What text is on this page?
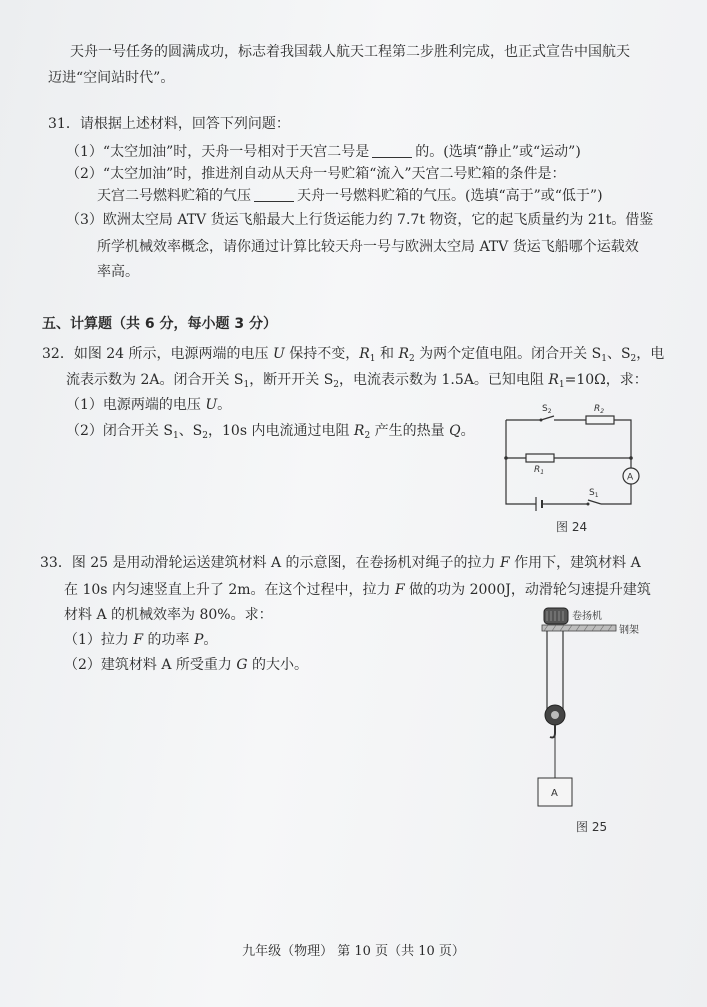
天舟一号任务的圆满成功，标志着我国载人航天工程第二步胜利完成，也正式宣告中国航天
迈进“空间站时代”。
31．请根据上述材料，回答下列问题：
（1）“太空加油”时，天舟一号相对于天宫二号是	的。(选填“静止”或“运动”)
（2）“太空加油”时，推进剂自动从天舟一号贮箱“流入”天宫二号贮箱的条件是：
天宫二号燃料贮箱的气压	天舟一号燃料贮箱的气压。(选填“高于”或“低于”)
（3）欧洲太空局 ATV 货运飞船最大上行货运能力约 7.7t 物资，它的起飞质量约为 21t。借鉴
所学机械效率概念，请你通过计算比较天舟一号与欧洲太空局 ATV 货运飞船哪个运载效
率高。
五、计算题（共 6 分，每小题 3 分）
32．如图 24 所示，电源两端的电压 U 保持不变，$R_1$ 和 $R_2$ 为两个定值电阻。闭合开关 $S_1$、$S_2$，电
流表示数为 2A。闭合开关 $S_1$，断开开关 $S_2$，电流表示数为 1.5A。已知电阻 $R_1=10\Omega$，求：
（1）电源两端的电压 U。
（2）闭合开关 $S_1$、$S_2$，10s 内电流通过电阻 $R_2$ 产生的热量 Q。
$S_2$	$R_2$
$R_1$
$S_1$
A
图 24
33．图 25 是用动滑轮运送建筑材料 A 的示意图，在卷扬机对绳子的拉力 F 作用下，建筑材料 A
在 10s 内匀速竖直上升了 2m。在这个过程中，拉力 F 做的功为 2000J，动滑轮匀速提升建筑
材料 A 的机械效率为 80%。求：
（1）拉力 F 的功率 P。
（2）建筑材料 A 所受重力 G 的大小。
卷扬机
钢架
A
图 25
九年级（物理） 第 10 页（共 10 页）
